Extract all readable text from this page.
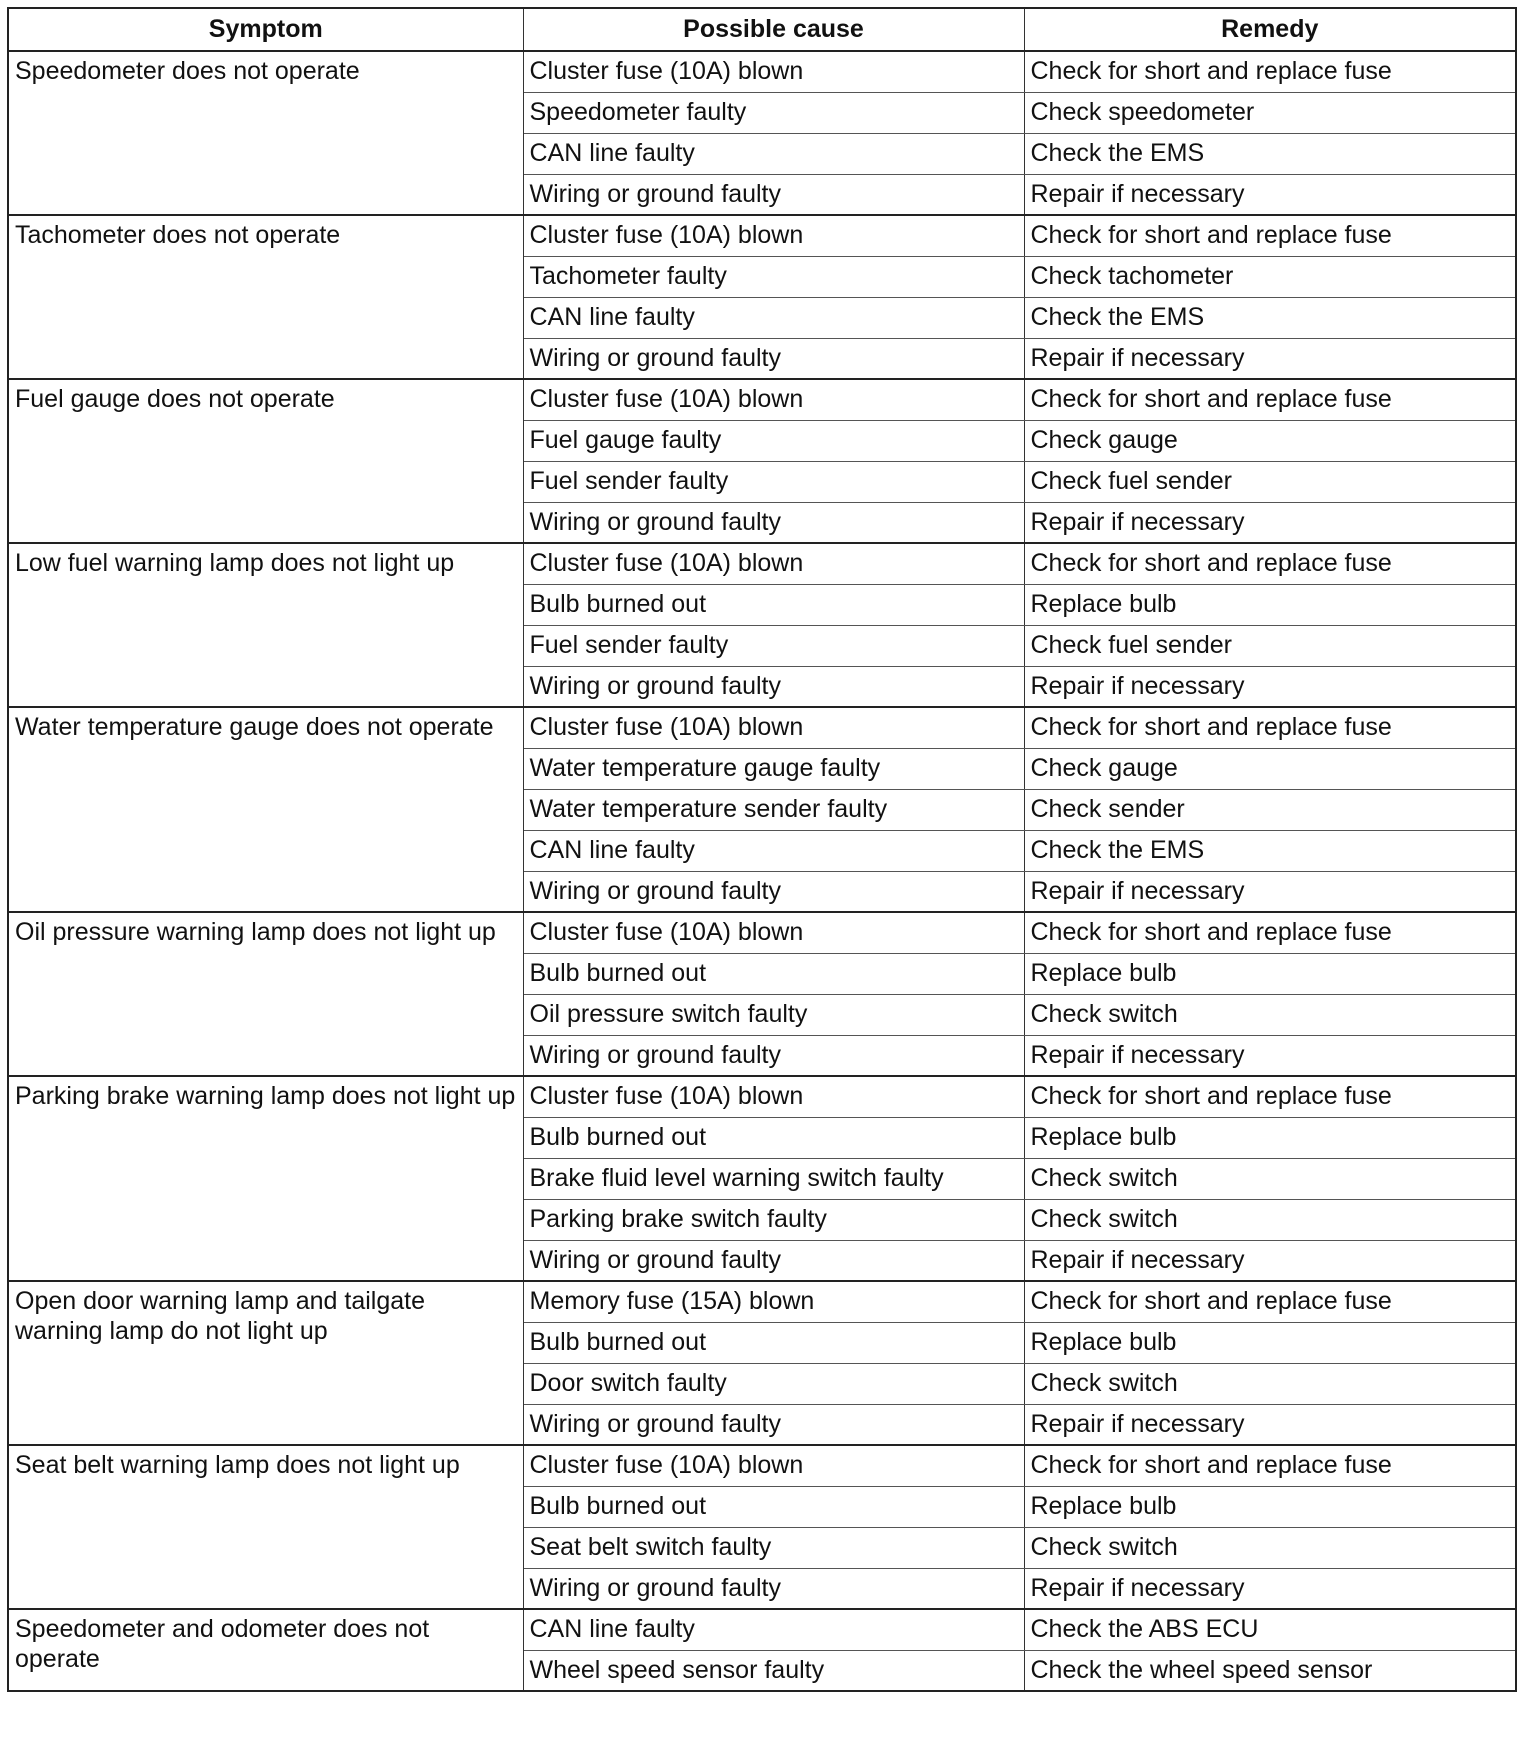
Symptom	Possible cause	Remedy
Speedometer does not operate	Cluster fuse (10A) blown	Check for short and replace fuse
	Speedometer faulty	Check speedometer
	CAN line faulty	Check the EMS
	Wiring or ground faulty	Repair if necessary
Tachometer does not operate	Cluster fuse (10A) blown	Check for short and replace fuse
	Tachometer faulty	Check tachometer
	CAN line faulty	Check the EMS
	Wiring or ground faulty	Repair if necessary
Fuel gauge does not operate	Cluster fuse (10A) blown	Check for short and replace fuse
	Fuel gauge faulty	Check gauge
	Fuel sender faulty	Check fuel sender
	Wiring or ground faulty	Repair if necessary
Low fuel warning lamp does not light up	Cluster fuse (10A) blown	Check for short and replace fuse
	Bulb burned out	Replace bulb
	Fuel sender faulty	Check fuel sender
	Wiring or ground faulty	Repair if necessary
Water temperature gauge does not operate	Cluster fuse (10A) blown	Check for short and replace fuse
	Water temperature gauge faulty	Check gauge
	Water temperature sender faulty	Check sender
	CAN line faulty	Check the EMS
	Wiring or ground faulty	Repair if necessary
Oil pressure warning lamp does not light up	Cluster fuse (10A) blown	Check for short and replace fuse
	Bulb burned out	Replace bulb
	Oil pressure switch faulty	Check switch
	Wiring or ground faulty	Repair if necessary
Parking brake warning lamp does not light up	Cluster fuse (10A) blown	Check for short and replace fuse
	Bulb burned out	Replace bulb
	Brake fluid level warning switch faulty	Check switch
	Parking brake switch faulty	Check switch
	Wiring or ground faulty	Repair if necessary
Open door warning lamp and tailgate warning lamp do not light up	Memory fuse (15A) blown	Check for short and replace fuse
	Bulb burned out	Replace bulb
	Door switch faulty	Check switch
	Wiring or ground faulty	Repair if necessary
Seat belt warning lamp does not light up	Cluster fuse (10A) blown	Check for short and replace fuse
	Bulb burned out	Replace bulb
	Seat belt switch faulty	Check switch
	Wiring or ground faulty	Repair if necessary
Speedometer and odometer does not operate	CAN line faulty	Check the ABS ECU
	Wheel speed sensor faulty	Check the wheel speed sensor
